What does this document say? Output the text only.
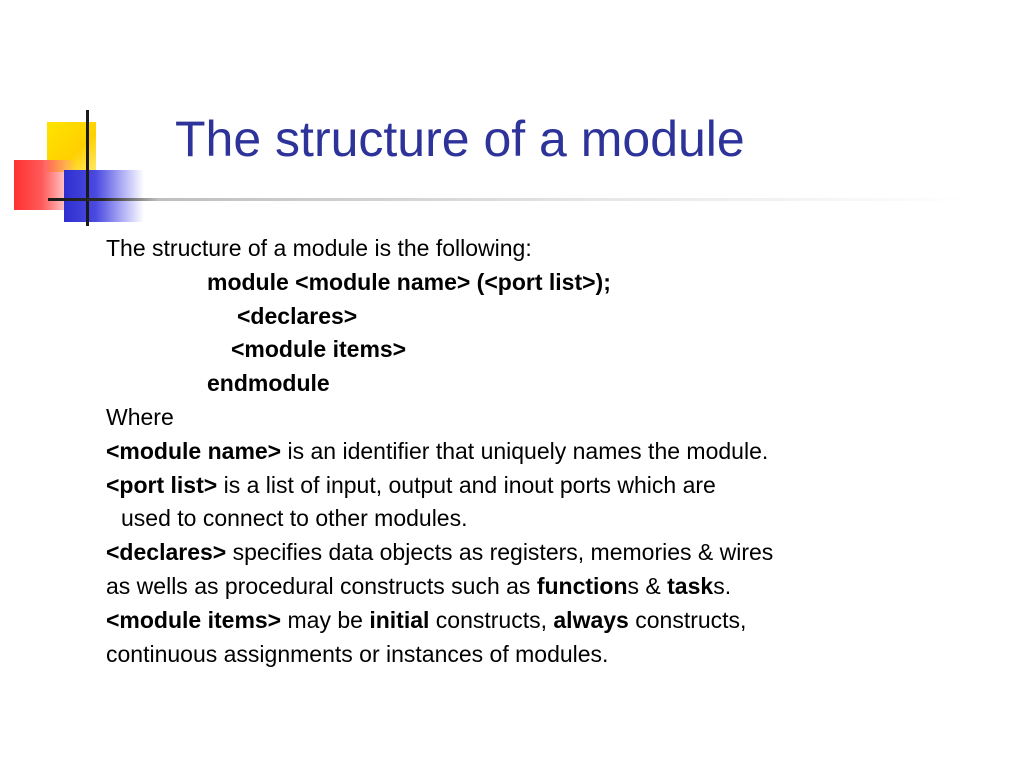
The structure of a module
The structure of a module is the following:
module <module name> (<port list>);
<declares>
<module items>
endmodule
Where
<module name> is an identifier that uniquely names the module.
<port list> is a list of input, output and inout ports which are
used to connect to other modules.
<declares> specifies data objects as registers, memories & wires
as wells as procedural constructs such as functions & tasks.
<module items> may be initial constructs, always constructs,
continuous assignments or instances of modules.
